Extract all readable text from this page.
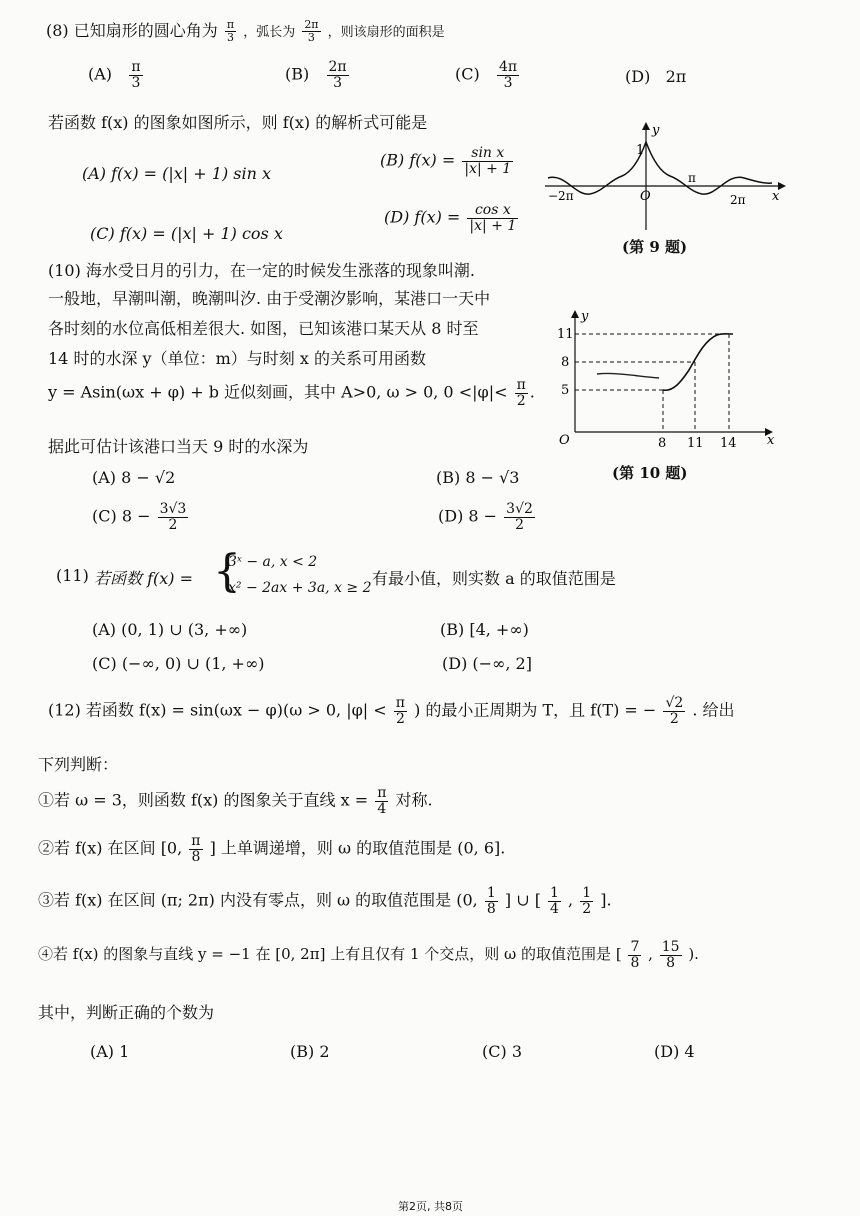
(8) 已知扇形的圆心角为 $\frac{\pi}{3}$ ，弧长为 $\frac{2\pi}{3}$ ，则该扇形的面积是
$(A) \frac{\pi}{3}$	$(B) \frac{2\pi}{3}$	$(C) \frac{4\pi}{3}$	(D) 2π
若函数 f(x) 的图象如图所示，则 f(x) 的解析式可能是
(A) f(x) = (|x| + 1) sin x
(B) $f(x) = \frac{\text{sin x}}{|x| + 1}$
(C) f(x) = (|x| + 1) cos x
(D) $f(x) = \frac{\text{cos x}}{|x| + 1}$
y
1
O
−2π
π
2π x
(第 9 题)
(10) 海水受日月的引力，在一定的时候发生涨落的现象叫潮.
一般地，早潮叫潮，晚潮叫汐. 由于受潮汐影响，某港口一天中
各时刻的水位高低相差很大. 如图，已知该港口某天从 8 时至
14 时的水深 y（单位：m）与时刻 x 的关系可用函数
y = Asin(ωx + φ) + b 近似刻画，其中 A>0, ω > 0, $0 <|\varphi|< \frac{\pi}{2}$ .
据此可估计该港口当天 9 时的水深为
(A) 8 − √2	(B) 8 − √3
(C) $8 - \frac{3√3}{2}$	(D) $8 - \frac{3√2}{2}$
y
11
8
5
O	8 11 14 x
(第 10 题)
(11) 若函数 f(x) = {
3ˣ − a, x < 2
x² − 2ax + 3a, x ≥ 2 有最小值，则实数 a 的取值范围是
(A) (0, 1) ∪ (3, +∞)	(B) [4, +∞)
(C) (−∞, 0) ∪ (1, +∞)	(D) (−∞, 2]
(12) 若函数 f(x) = sin(ωx − φ)(ω > 0, $|\varphi| < \frac{\pi}{2}$ ) 的最小正周期为 T，且 f(T) = − $\frac{√2}{2}$ . 给出
下列判断：
①若 ω = 3，则函数 f(x) 的图象关于直线 $x = \frac{\pi}{4}$ 对称.
②若 f(x) 在区间 [0, $\frac{\pi}{8}$ ] 上单调递增，则 ω 的取值范围是 (0, 6].
③若 f(x) 在区间 (π; 2π) 内没有零点，则 ω 的取值范围是 (0, $\frac{1}{8}$ ] ∪ [ $\frac{1}{4}$ , $\frac{1}{2}$ ].
④若 f(x) 的图象与直线 y = −1 在 [0, 2π] 上有且仅有 1 个交点，则 ω 的取值范围是 [ $\frac{7}{8}$ , $\frac{15}{8}$ ).
其中，判断正确的个数为
(A) 1	(B) 2	(C) 3	(D) 4
第2页, 共8页
